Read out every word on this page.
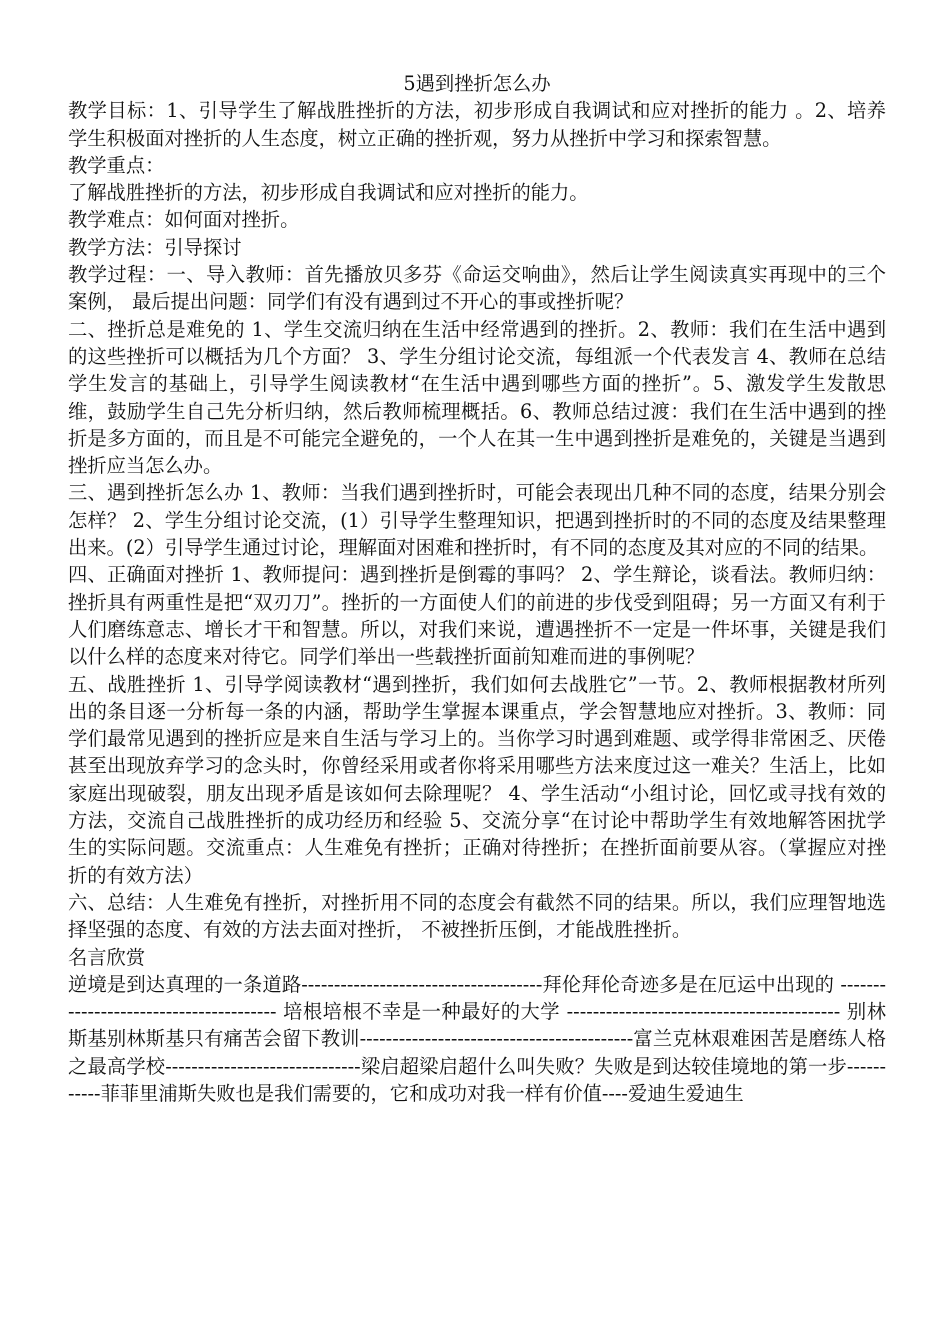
5遇到挫折怎么办

教学目标：1、引导学生了解战胜挫折的方法，初步形成自我调试和应对挫折的能力 。2、培养学生积极面对挫折的人生态度，树立正确的挫折观，努力从挫折中学习和探索智慧。

教学重点：

了解战胜挫折的方法，初步形成自我调试和应对挫折的能力。

教学难点：如何面对挫折。

教学方法：引导探讨

教学过程：一、导入教师：首先播放贝多芬《命运交响曲》，然后让学生阅读真实再现中的三个案例， 最后提出问题：同学们有没有遇到过不开心的事或挫折呢？

二、挫折总是难免的 1、学生交流归纳在生活中经常遇到的挫折。2、教师：我们在生活中遇到的这些挫折可以概括为几个方面？ 3、学生分组讨论交流，每组派一个代表发言 4、教师在总结学生发言的基础上，引导学生阅读教材“在生活中遇到哪些方面的挫折”。5、激发学生发散思维，鼓励学生自己先分析归纳，然后教师梳理概括。6、教师总结过渡：我们在生活中遇到的挫折是多方面的，而且是不可能完全避免的，一个人在其一生中遇到挫折是难免的，关键是当遇到挫折应当怎么办。

三、遇到挫折怎么办 1、教师：当我们遇到挫折时，可能会表现出几种不同的态度，结果分别会怎样？ 2、学生分组讨论交流，(1）引导学生整理知识，把遇到挫折时的不同的态度及结果整理出来。(2）引导学生通过讨论，理解面对困难和挫折时，有不同的态度及其对应的不同的结果。

四、正确面对挫折 1、教师提问：遇到挫折是倒霉的事吗？ 2、学生辩论，谈看法。教师归纳：挫折具有两重性是把“双刃刀”。挫折的一方面使人们的前进的步伐受到阻碍；另一方面又有利于人们磨练意志、增长才干和智慧。所以，对我们来说，遭遇挫折不一定是一件坏事，关键是我们以什么样的态度来对待它。同学们举出一些载挫折面前知难而进的事例呢？

五、战胜挫折 1、引导学阅读教材“遇到挫折，我们如何去战胜它”一节。2、教师根据教材所列出的条目逐一分析每一条的内涵，帮助学生掌握本课重点，学会智慧地应对挫折。3、教师：同学们最常见遇到的挫折应是来自生活与学习上的。当你学习时遇到难题、或学得非常困乏、厌倦甚至出现放弃学习的念头时，你曾经采用或者你将采用哪些方法来度过这一难关？生活上，比如家庭出现破裂，朋友出现矛盾是该如何去除理呢？ 4、学生活动“小组讨论，回忆或寻找有效的方法，交流自己战胜挫折的成功经历和经验 5、交流分享“在讨论中帮助学生有效地解答困扰学生的实际问题。交流重点：人生难免有挫折；正确对待挫折；在挫折面前要从容。（掌握应对挫折的有效方法）

六、总结：人生难免有挫折，对挫折用不同的态度会有截然不同的结果。所以，我们应理智地选择坚强的态度、有效的方法去面对挫折， 不被挫折压倒，才能战胜挫折。

名言欣赏

逆境是到达真理的一条道路-------------------------------------拜伦拜伦奇迹多是在厄运中出现的 --------------------------------------- 培根培根不幸是一种最好的大学 ------------------------------------------ 别林斯基别林斯基只有痛苦会留下教训------------------------------------------富兰克林艰难困苦是磨练人格之最高学校------------------------------梁启超梁启超什么叫失败？失败是到达较佳境地的第一步-----------菲菲里浦斯失败也是我们需要的，它和成功对我一样有价值----爱迪生爱迪生
